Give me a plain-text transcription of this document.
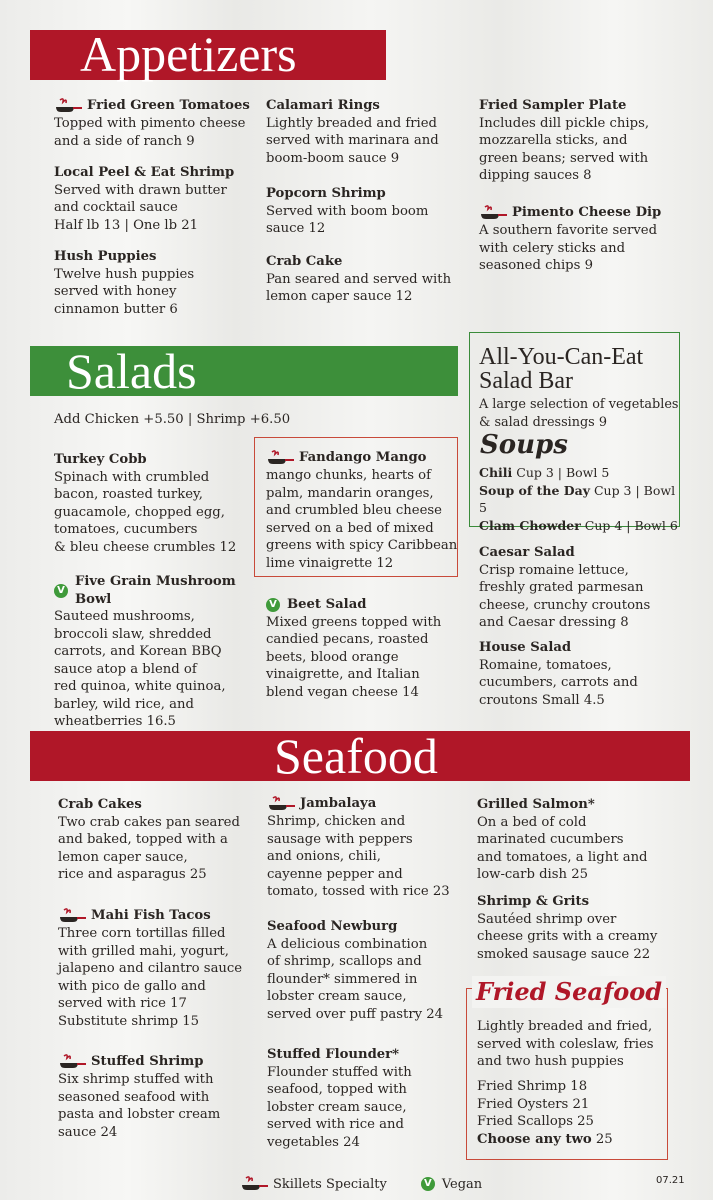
Appetizers
Fried Green Tomatoes
Topped with pimento cheese
and a side of ranch 9
Local Peel & Eat Shrimp
Served with drawn butter
and cocktail sauce
Half lb 13 | One lb 21
Hush Puppies
Twelve hush puppies
served with honey
cinnamon butter 6
Calamari Rings
Lightly breaded and fried
served with marinara and
boom-boom sauce 9
Popcorn Shrimp
Served with boom boom
sauce 12
Crab Cake
Pan seared and served with
lemon caper sauce 12
Fried Sampler Plate
Includes dill pickle chips,
mozzarella sticks, and
green beans; served with
dipping sauces 8
Pimento Cheese Dip
A southern favorite served
with celery sticks and
seasoned chips 9
Salads
Add Chicken +5.50 | Shrimp +6.50
Turkey Cobb
Spinach with crumbled
bacon, roasted turkey,
guacamole, chopped egg,
tomatoes, cucumbers
& bleu cheese crumbles 12
V
Five Grain Mushroom Bowl
Sauteed mushrooms,
broccoli slaw, shredded
carrots, and Korean BBQ
sauce atop a blend of
red quinoa, white quinoa,
barley, wild rice, and
wheatberries 16.5
Fandango Mango
mango chunks, hearts of
palm, mandarin oranges,
and crumbled bleu cheese
served on a bed of mixed
greens with spicy Caribbean
lime vinaigrette 12
V Beet Salad
Mixed greens topped with
candied pecans, roasted
beets, blood orange
vinaigrette, and Italian
blend vegan cheese 14
All-You-Can-Eat
Salad Bar
A large selection of vegetables
& salad dressings 9
Soups
Chili Cup 3 | Bowl 5
Soup of the Day Cup 3 | Bowl 5
Clam Chowder Cup 4 | Bowl 6
Caesar Salad
Crisp romaine lettuce,
freshly grated parmesan
cheese, crunchy croutons
and Caesar dressing 8
House Salad
Romaine, tomatoes,
cucumbers, carrots and
croutons Small 4.5
Seafood
Crab Cakes
Two crab cakes pan seared
and baked, topped with a
lemon caper sauce,
rice and asparagus 25
Mahi Fish Tacos
Three corn tortillas filled
with grilled mahi, yogurt,
jalapeno and cilantro sauce
with pico de gallo and
served with rice 17
Substitute shrimp 15
Stuffed Shrimp
Six shrimp stuffed with
seasoned seafood with
pasta and lobster cream
sauce 24
Jambalaya
Shrimp, chicken and
sausage with peppers
and onions, chili,
cayenne pepper and
tomato, tossed with rice 23
Seafood Newburg
A delicious combination
of shrimp, scallops and
flounder* simmered in
lobster cream sauce,
served over puff pastry 24
Stuffed Flounder*
Flounder stuffed with
seafood, topped with
lobster cream sauce,
served with rice and
vegetables 24
Grilled Salmon*
On a bed of cold
marinated cucumbers
and tomatoes, a light and
low-carb dish 25
Shrimp & Grits
Sautéed shrimp over
cheese grits with a creamy
smoked sausage sauce 22
Fried Seafood
Lightly breaded and fried,
served with coleslaw, fries
and two hush puppies
Fried Shrimp 18
Fried Oysters 21
Fried Scallops 25
Choose any two 25
Skillets Specialty	V Vegan	07.21
